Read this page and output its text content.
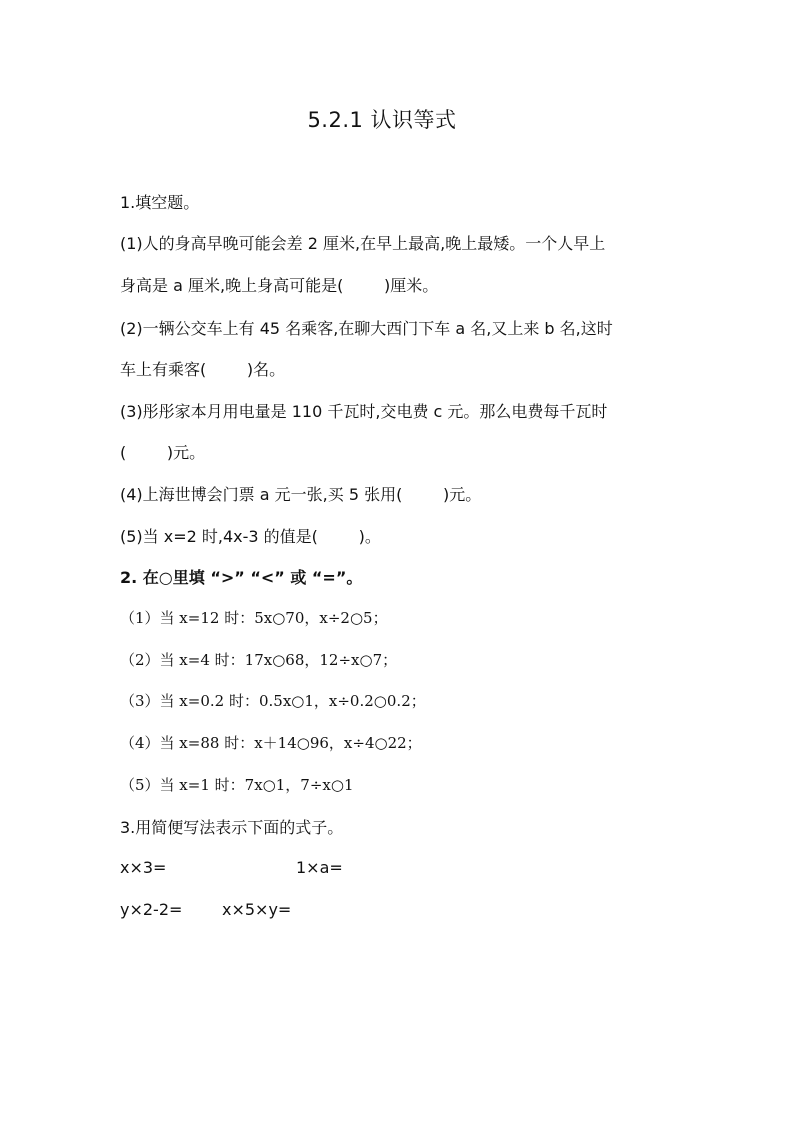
5.2.1 认识等式
1.填空题。
(1)人的身高早晚可能会差 2 厘米,在早上最高,晚上最矮。一个人早上
身高是 a 厘米,晚上身高可能是(        )厘米。
(2)一辆公交车上有 45 名乘客,在聊大西门下车 a 名,又上来 b 名,这时
车上有乘客(        )名。
(3)彤彤家本月用电量是 110 千瓦时,交电费 c 元。那么电费每千瓦时
(        )元。
(4)上海世博会门票 a 元一张,买 5 张用(        )元。
(5)当 x=2 时,4x-3 的值是(        )。
2. 在○里填 “>” “<” 或 “=”。
（1）当 x=12 时：5x○70，x÷2○5；
（2）当 x=4 时：17x○68，12÷x○7；
（3）当 x=0.2 时：0.5x○1，x÷0.2○0.2；
（4）当 x=88 时：x＋14○96，x÷4○22；
（5）当 x=1 时：7x○1，7÷x○1
3.用简便写法表示下面的式子。
x×3=	1×a=
y×2-2= x×5×y=
